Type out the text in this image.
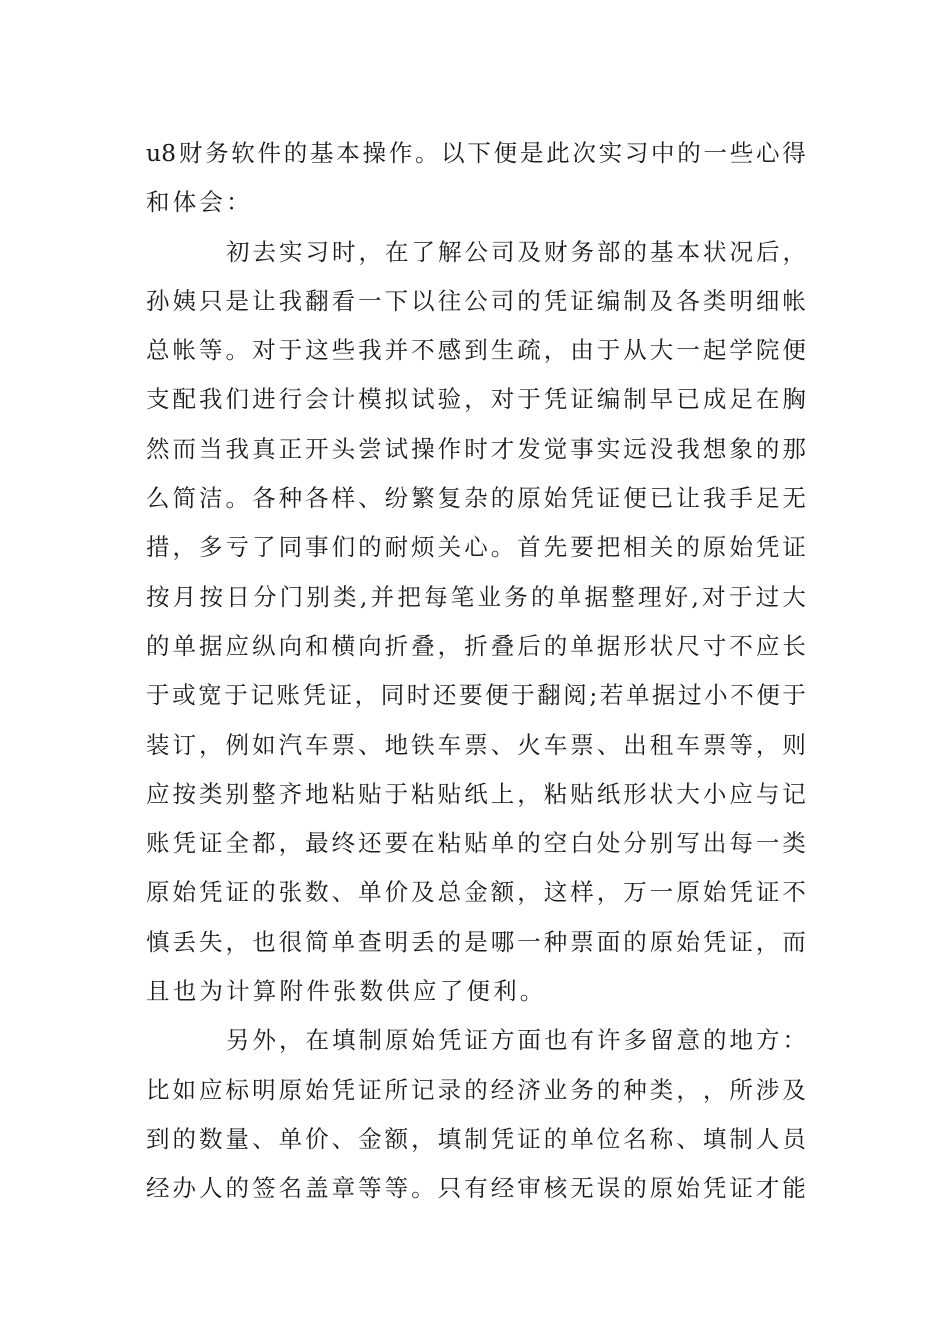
u8 财 务 软 件 的 基 本 操 作 。 以 下 便 是 此 次 实 习 中 的 一 些 心 得
和体会：
初 去 实 习 时 ， 在 了 解 公 司 及 财 务 部 的 基 本 状 况 后 ，
孙 姨 只 是 让 我 翻 看 一 下 以 往 公 司 的 凭 证 编 制 及 各 类 明 细 帐
总 帐 等 。 对 于 这 些 我 并 不 感 到 生 疏 ， 由 于 从 大 一 起 学 院 便
支 配 我 们 进 行 会 计 模 拟 试 验 ， 对 于 凭 证 编 制 早 已 成 足 在 胸
然 而 当 我 真 正 开 头 尝 试 操 作 时 才 发 觉 事 实 远 没 我 想 象 的 那
么 简 洁 。 各 种 各 样 、 纷 繁 复 杂 的 原 始 凭 证 便 已 让 我 手 足 无
措 ， 多 亏 了 同 事 们 的 耐 烦 关 心 。 首 先 要 把 相 关 的 原 始 凭 证
按 月 按 日 分 门 别 类 , 并 把 每 笔 业 务 的 单 据 整 理 好 , 对 于 过 大
的 单 据 应 纵 向 和 横 向 折 叠 ， 折 叠 后 的 单 据 形 状 尺 寸 不 应 长
于 或 宽 于 记 账 凭 证 ， 同 时 还 要 便 于 翻 阅 ; 若 单 据 过 小 不 便 于
装 订 ， 例 如 汽 车 票 、 地 铁 车 票 、 火 车 票 、 出 租 车 票 等 ， 则
应 按 类 别 整 齐 地 粘 贴 于 粘 贴 纸 上 ， 粘 贴 纸 形 状 大 小 应 与 记
账 凭 证 全 都 ， 最 终 还 要 在 粘 贴 单 的 空 白 处 分 别 写 出 每 一 类
原 始 凭 证 的 张 数 、 单 价 及 总 金 额 ， 这 样 ， 万 一 原 始 凭 证 不
慎 丢 失 ， 也 很 简 单 查 明 丢 的 是 哪 一 种 票 面 的 原 始 凭 证 ， 而
且也为计算附件张数供应了便利。
另 外 ， 在 填 制 原 始 凭 证 方 面 也 有 许 多 留 意 的 地 方 ：
比 如 应 标 明 原 始 凭 证 所 记 录 的 经 济 业 务 的 种 类 ， ， 所 涉 及
到 的 数 量 、 单 价 、 金 额 ， 填 制 凭 证 的 单 位 名 称 、 填 制 人 员
经 办 人 的 签 名 盖 章 等 等 。 只 有 经 审 核 无 误 的 原 始 凭 证 才 能
